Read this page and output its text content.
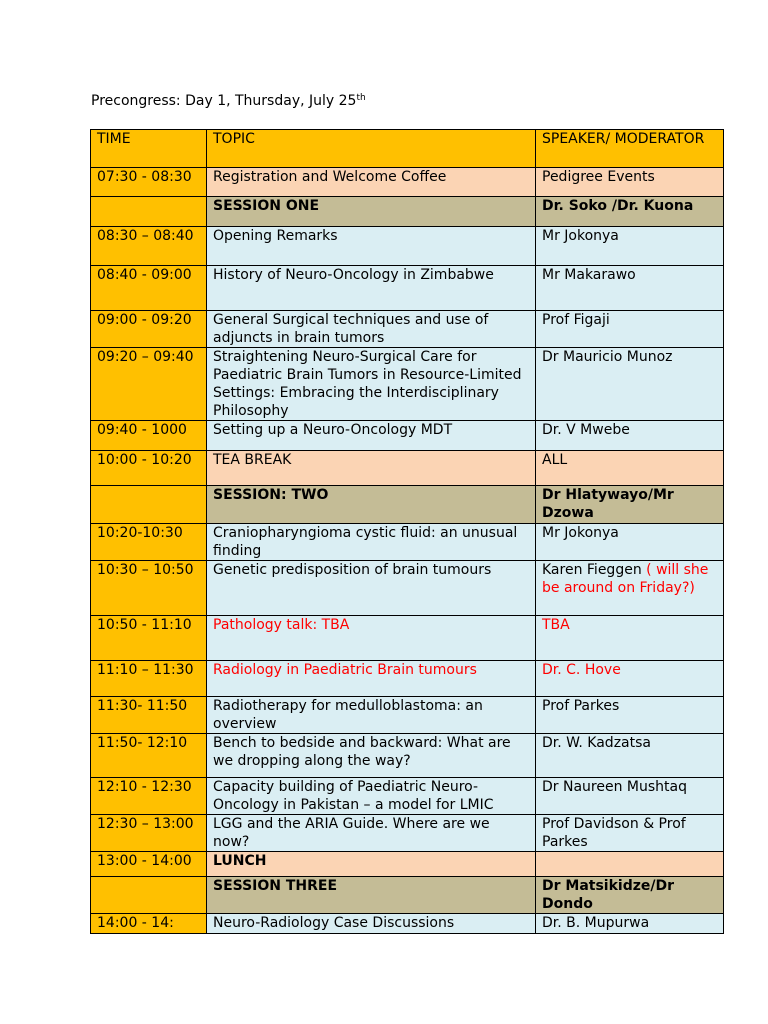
Precongress: Day 1, Thursday, July 25th
TIME	TOPIC	SPEAKER/ MODERATOR
07:30 - 08:30	Registration and Welcome Coffee	Pedigree Events
	SESSION ONE	Dr. Soko /Dr. Kuona
08:30 – 08:40	Opening Remarks	Mr Jokonya
08:40 - 09:00	History of Neuro-Oncology in Zimbabwe	Mr Makarawo
09:00 - 09:20	General Surgical techniques and use of adjuncts in brain tumors	Prof Figaji
09:20 – 09:40	Straightening Neuro-Surgical Care for Paediatric Brain Tumors in Resource-Limited Settings: Embracing the Interdisciplinary Philosophy	Dr Mauricio Munoz
09:40 - 1000	Setting up a Neuro-Oncology MDT	Dr. V Mwebe
10:00 - 10:20	TEA BREAK	ALL
	SESSION: TWO	Dr Hlatywayo/Mr Dzowa
10:20-10:30	Craniopharyngioma cystic fluid: an unusual finding	Mr Jokonya
10:30 – 10:50	Genetic predisposition of brain tumours	Karen Fieggen ( will she be around on Friday?)
10:50 - 11:10	Pathology talk: TBA	TBA
11:10 – 11:30	Radiology in Paediatric Brain tumours	Dr. C. Hove
11:30- 11:50	Radiotherapy for medulloblastoma: an overview	Prof Parkes
11:50- 12:10	Bench to bedside and backward: What are we dropping along the way?	Dr. W. Kadzatsa
12:10 - 12:30	Capacity building of Paediatric Neuro-Oncology in Pakistan – a model for LMIC	Dr Naureen Mushtaq
12:30 – 13:00	LGG and the ARIA Guide. Where are we now?	Prof Davidson & Prof Parkes
13:00 - 14:00	LUNCH	
	SESSION THREE	Dr Matsikidze/Dr Dondo
14:00 - 14:	Neuro-Radiology Case Discussions	Dr. B. Mupurwa
